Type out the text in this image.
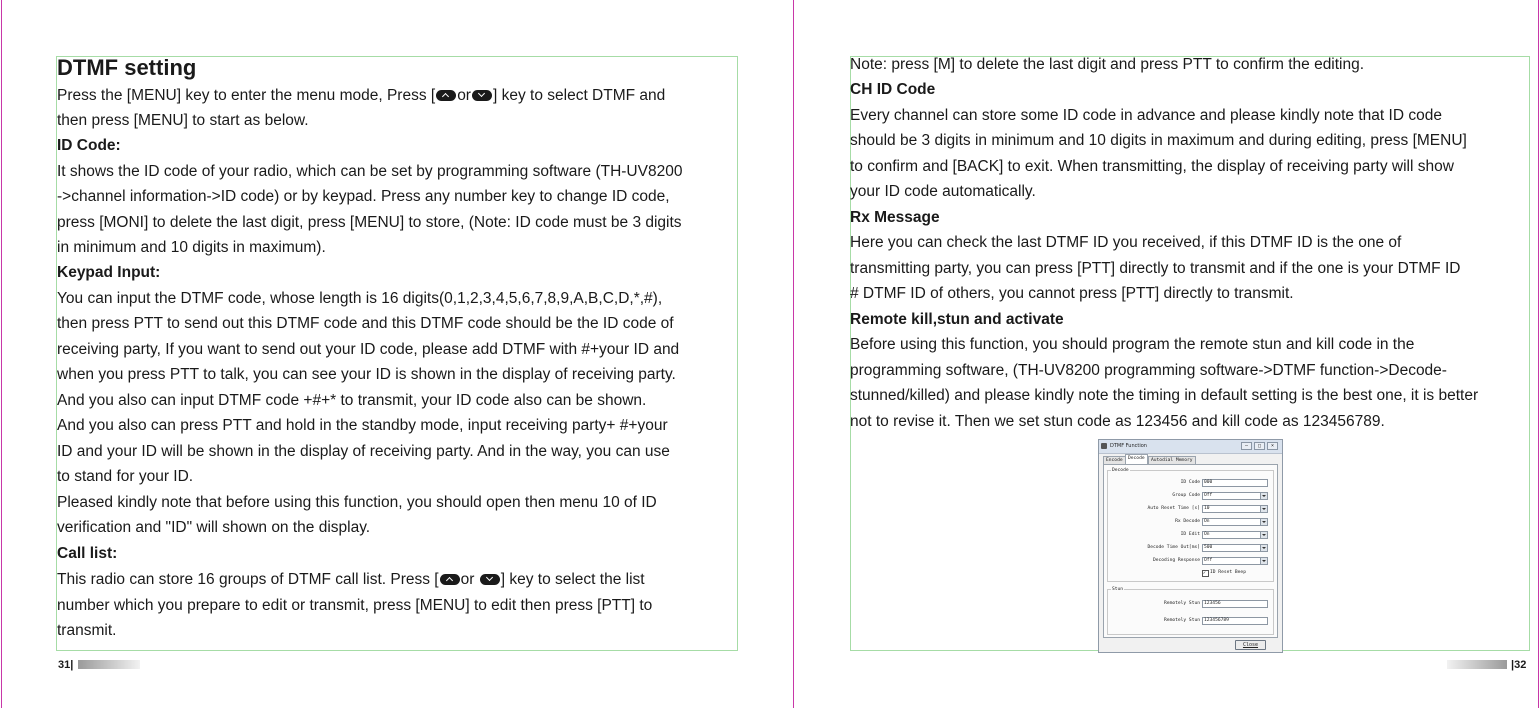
DTMF setting
Press the [MENU] key to enter the menu mode, Press [ or ] key to select DTMF and
then press [MENU] to start as below.
ID Code:
It shows the ID code of your radio, which can be set by programming software (TH-UV8200
->channel information->ID code) or by keypad. Press any number key to change ID code,
press [MONI] to delete the last digit, press [MENU] to store, (Note: ID code must be 3 digits
in minimum and 10 digits in maximum).
Keypad Input:
You can input the DTMF code, whose length is 16 digits(0,1,2,3,4,5,6,7,8,9,A,B,C,D,*,#),
then press PTT to send out this DTMF code and this DTMF code should be the ID code of
receiving party, If you want to send out your ID code, please add DTMF with #+your ID and
when you press PTT to talk, you can see your ID is shown in the display of receiving party.
And you also can input DTMF code +#+* to transmit, your ID code also can be shown.
And you also can press PTT and hold in the standby mode, input receiving party+ #+your
ID and your ID will be shown in the display of receiving party. And in the way, you can use
to stand for your ID.
Pleased kindly note that before using this function, you should open then menu 10 of ID
verification and "ID" will shown on the display.
Call list:
This radio can store 16 groups of DTMF call list. Press [ or ] key to select the list
number which you prepare to edit or transmit, press [MENU] to edit then press [PTT] to
transmit.
31|
Note: press [M] to delete the last digit and press PTT to confirm the editing.
CH ID Code
Every channel can store some ID code in advance and please kindly note that ID code
should be 3 digits in minimum and 10 digits in maximum and during editing, press [MENU]
to confirm and [BACK] to exit. When transmitting, the display of receiving party will show
your ID code automatically.
Rx Message
Here you can check the last DTMF ID you received, if this DTMF ID is the one of
transmitting party, you can press [PTT] directly to transmit and if the one is your DTMF ID
# DTMF ID of others, you cannot press [PTT] directly to transmit.
Remote kill,stun and activate
Before using this function, you should program the remote stun and kill code in the
programming software, (TH-UV8200 programming software->DTMF function->Decode-
stunned/killed) and please kindly note the timing in default setting is the best one, it is better
not to revise it. Then we set stun code as 123456 and kill code as 123456789.
|32
DTMF Function	–	□	×
Encode	Decode	Autodial Memory
Decode
ID Code 000
Group Code Off
Auto Reset Time [s] 10
Rx Decode On
ID Edit On
Decode Time Out[ms] 500
Decoding Response Off
✓ ID Reset Beep
Stun
Remotely Stun 123456
Remotely Stun 123456789
Close
